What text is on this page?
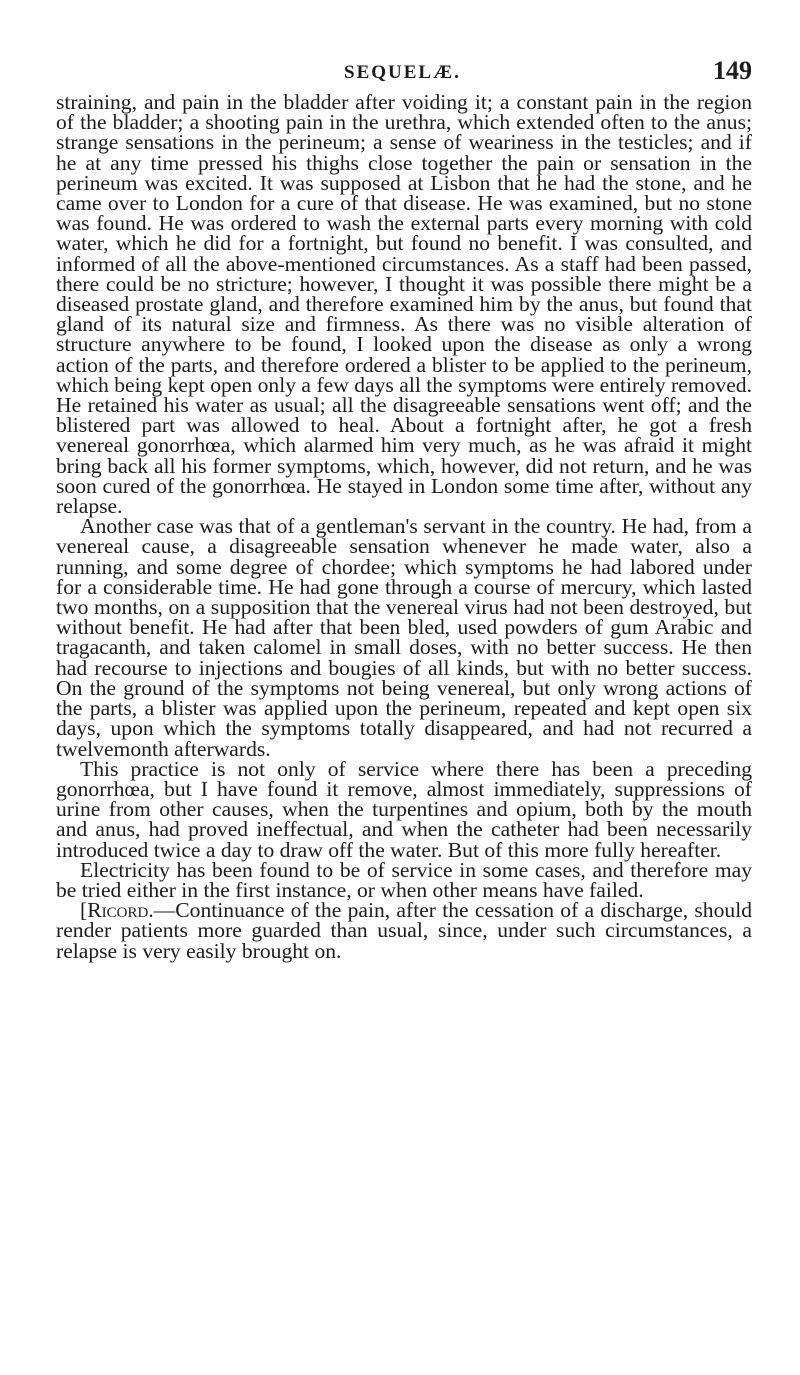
SEQUELÆ.	149

straining, and pain in the bladder after voiding it; a constant pain in the region of the bladder; a shooting pain in the urethra, which extended often to the anus; strange sensations in the perineum; a sense of weariness in the testicles; and if he at any time pressed his thighs close together the pain or sensation in the perineum was excited. It was supposed at Lisbon that he had the stone, and he came over to London for a cure of that disease. He was examined, but no stone was found. He was ordered to wash the external parts every morning with cold water, which he did for a fortnight, but found no benefit. I was consulted, and informed of all the above-mentioned circumstances. As a staff had been passed, there could be no stricture; however, I thought it was possible there might be a diseased prostate gland, and therefore examined him by the anus, but found that gland of its natural size and firmness. As there was no visible alteration of structure anywhere to be found, I looked upon the disease as only a wrong action of the parts, and therefore ordered a blister to be applied to the perineum, which being kept open only a few days all the symptoms were entirely removed. He retained his water as usual; all the disagreeable sensations went off; and the blistered part was allowed to heal. About a fortnight after, he got a fresh venereal gonorrhœa, which alarmed him very much, as he was afraid it might bring back all his former symptoms, which, however, did not return, and he was soon cured of the gonorrhœa. He stayed in London some time after, without any relapse.

Another case was that of a gentleman's servant in the country. He had, from a venereal cause, a disagreeable sensation whenever he made water, also a running, and some degree of chordee; which symptoms he had labored under for a considerable time. He had gone through a course of mercury, which lasted two months, on a supposition that the venereal virus had not been destroyed, but without benefit. He had after that been bled, used powders of gum Arabic and tragacanth, and taken calomel in small doses, with no better success. He then had recourse to injections and bougies of all kinds, but with no better success. On the ground of the symptoms not being venereal, but only wrong actions of the parts, a blister was applied upon the perineum, repeated and kept open six days, upon which the symptoms totally disappeared, and had not recurred a twelvemonth afterwards.

This practice is not only of service where there has been a preceding gonorrhœa, but I have found it remove, almost immediately, suppressions of urine from other causes, when the turpentines and opium, both by the mouth and anus, had proved ineffectual, and when the catheter had been necessarily introduced twice a day to draw off the water. But of this more fully hereafter.

Electricity has been found to be of service in some cases, and therefore may be tried either in the first instance, or when other means have failed.

[Ricord.—Continuance of the pain, after the cessation of a discharge, should render patients more guarded than usual, since, under such circumstances, a relapse is very easily brought on.
